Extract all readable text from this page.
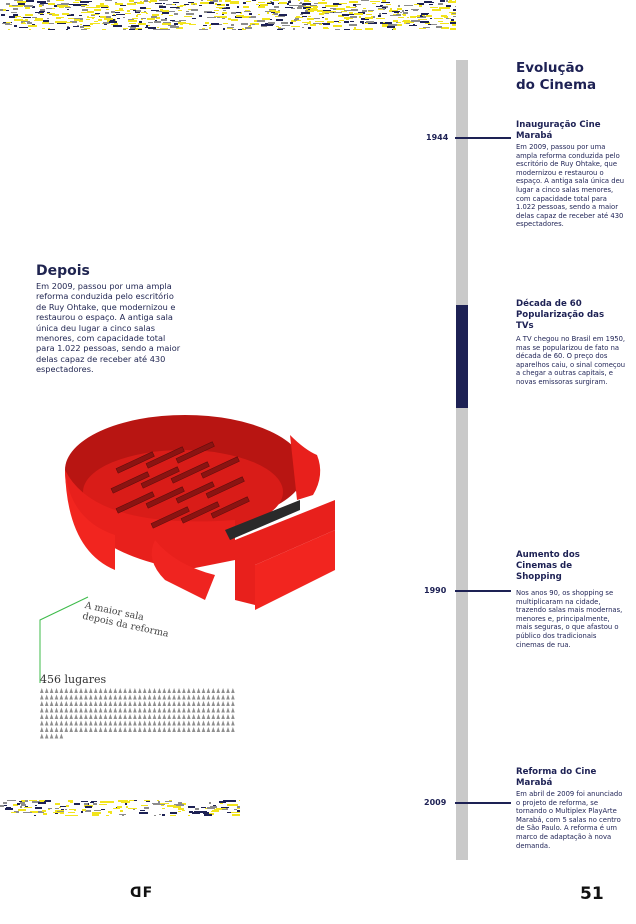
Depois
Em 2009, passou por uma ampla reforma conduzida pelo escritório de Ruy Ohtake, que modernizou e restaurou o espaço. A antiga sala única deu lugar a cinco salas menores, com capacidade total para 1.022 pessoas, sendo a maior delas capaz de receber até 430 espectadores.
A maior sala depois da reforma
456 lugares
Evolução
do Cinema
1944
Inauguração Cine Marabá
Em 2009, passou por uma ampla reforma conduzida pelo escritório de Ruy Ohtake, que modernizou e restaurou o espaço. A antiga sala única deu lugar a cinco salas menores, com capacidade total para 1.022 pessoas, sendo a maior delas capaz de receber até 430 espectadores.
Década de 60 Popularização das TVs
A TV chegou no Brasil em 1950, mas se popularizou de fato na década de 60. O preço dos aparelhos caiu, o sinal começou a chegar a outras capitais, e novas emissoras surgiram.
1990
Aumento dos Cinemas de Shopping
Nos anos 90, os shopping se multiplicaram na cidade, trazendo salas mais modernas, menores e, principalmente, mais seguras, o que afastou o público dos tradicionais cinemas de rua.
2009
Reforma do Cine Marabá
Em abril de 2009 foi anunciado o projeto de reforma, se tornando o Multiplex PlayArte Marabá, com 5 salas no centro de São Paulo. A reforma é um marco de adaptação à nova demanda.
ᗡF	51
